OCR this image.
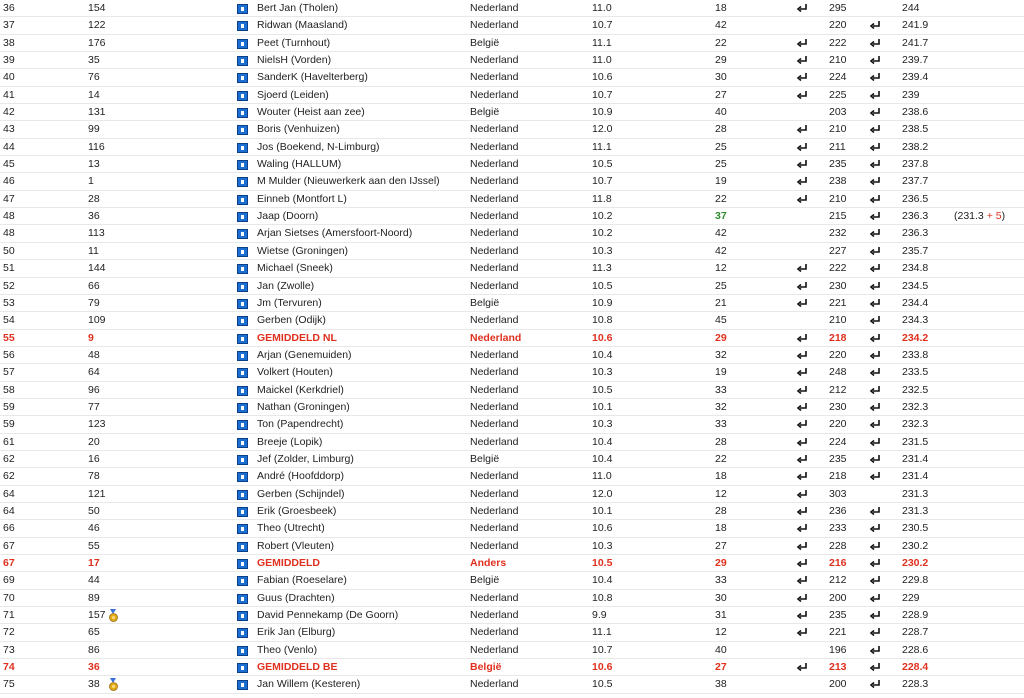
36	154	Bert Jan (Tholen)	Nederland	11.0	18	295	244
37	122	Ridwan (Maasland)	Nederland	10.7	42	220	241.9
38	176	Peet (Turnhout)	België	11.1	22	222	241.7
39	35	NielsH (Vorden)	Nederland	11.0	29	210	239.7
40	76	SanderK (Havelterberg)	Nederland	10.6	30	224	239.4
41	14	Sjoerd (Leiden)	Nederland	10.7	27	225	239
42	131	Wouter (Heist aan zee)	België	10.9	40	203	238.6
43	99	Boris (Venhuizen)	Nederland	12.0	28	210	238.5
44	116	Jos (Boekend, N-Limburg)	Nederland	11.1	25	211	238.2
45	13	Waling (HALLUM)	Nederland	10.5	25	235	237.8
46	1	M Mulder (Nieuwerkerk aan den IJssel)	Nederland	10.7	19	238	237.7
47	28	Einneb (Montfort L)	Nederland	11.8	22	210	236.5
48	36	Jaap (Doorn)	Nederland	10.2	37	215	236.3 (231.3 + 5)
48	113	Arjan Sietses (Amersfoort-Noord)	Nederland	10.2	42	232	236.3
50	11	Wietse (Groningen)	Nederland	10.3	42	227	235.7
51	144	Michael (Sneek)	Nederland	11.3	12	222	234.8
52	66	Jan (Zwolle)	Nederland	10.5	25	230	234.5
53	79	Jm (Tervuren)	België	10.9	21	221	234.4
54	109	Gerben (Odijk)	Nederland	10.8	45	210	234.3
55	9	GEMIDDELD NL	Nederland	10.6	29	218	234.2
56	48	Arjan (Genemuiden)	Nederland	10.4	32	220	233.8
57	64	Volkert (Houten)	Nederland	10.3	19	248	233.5
58	96	Maickel (Kerkdriel)	Nederland	10.5	33	212	232.5
59	77	Nathan (Groningen)	Nederland	10.1	32	230	232.3
59	123	Ton (Papendrecht)	Nederland	10.3	33	220	232.3
61	20	Breeje (Lopik)	Nederland	10.4	28	224	231.5
62	16	Jef (Zolder, Limburg)	België	10.4	22	235	231.4
62	78	André (Hoofddorp)	Nederland	11.0	18	218	231.4
64	121	Gerben (Schijndel)	Nederland	12.0	12	303	231.3
64	50	Erik (Groesbeek)	Nederland	10.1	28	236	231.3
66	46	Theo (Utrecht)	Nederland	10.6	18	233	230.5
67	55	Robert (Vleuten)	Nederland	10.3	27	228	230.2
67	17	GEMIDDELD	Anders	10.5	29	216	230.2
69	44	Fabian (Roeselare)	België	10.4	33	212	229.8
70	89	Guus (Drachten)	Nederland	10.8	30	200	229
71	157	David Pennekamp (De Goorn)	Nederland	9.9	31	235	228.9
72	65	Erik Jan (Elburg)	Nederland	11.1	12	221	228.7
73	86	Theo (Venlo)	Nederland	10.7	40	196	228.6
74	36	GEMIDDELD BE	België	10.6	27	213	228.4
75	38	Jan Willem (Kesteren)	Nederland	10.5	38	200	228.3
